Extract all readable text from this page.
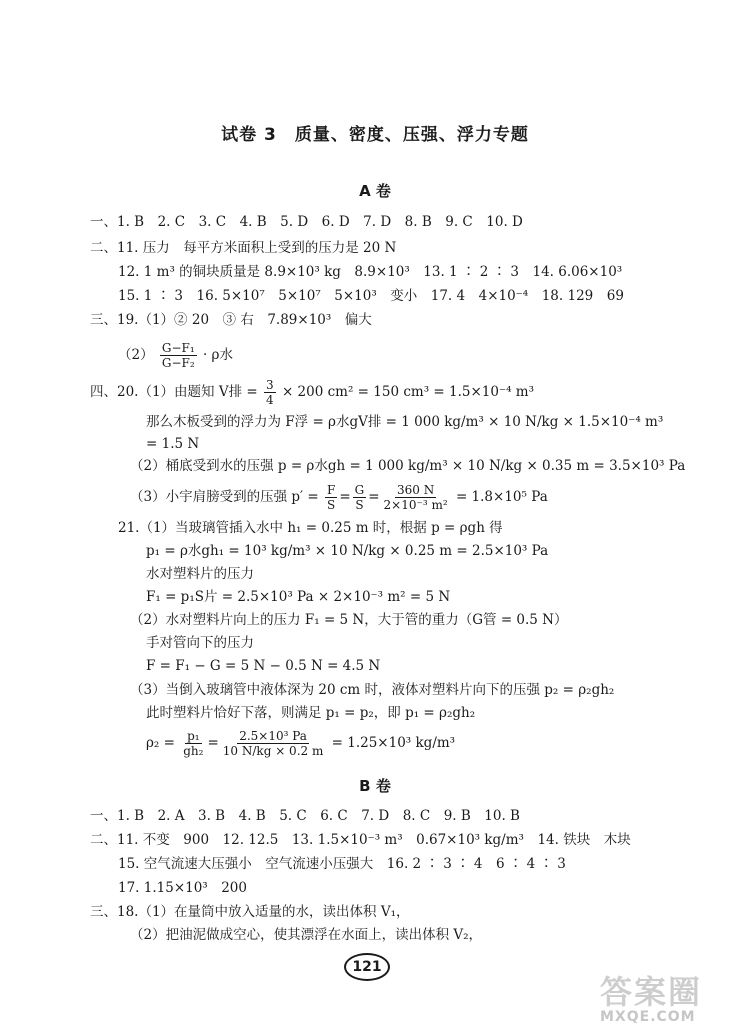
试卷 3　质量、密度、压强、浮力专题
A 卷
一、1. B　2. C　3. C　4. B　5. D　6. D　7. D　8. B　9. C　10. D
二、11. 压力　每平方米面积上受到的压力是 20 N
12. 1 m³ 的铜块质量是 8.9×10³ kg　8.9×10³　13. 1 ∶ 2 ∶ 3　14. 6.06×10³
15. 1 ∶ 3　16. 5×10⁷　5×10⁷　5×10³　变小　17. 4　4×10⁻⁴　18. 129　69
三、19.（1）② 20　③ 右　7.89×10³　偏大
$(2) \frac{\text{G−F₁}}{\text{G−F₂}} \cdot \rho$水
四、20.（1）由题知 V排 = $\frac{3}{4} \times 200$ cm² = 150 cm³ = 1.5×10⁻⁴ m³
那么木板受到的浮力为 F浮 = ρ水gV排 = 1 000 kg/m³ × 10 N/kg × 1.5×10⁻⁴ m³
= 1.5 N
（2）桶底受到水的压强 p = ρ水gh = 1 000 kg/m³ × 10 N/kg × 0.35 m = 3.5×10³ Pa
（3）小宇肩膀受到的压强 $p' = \frac{F}{S} = \frac{G}{S} = \frac{360 N}{\text{2×10⁻³ m²}} = 1.8\times 10^5$ Pa
21.（1）当玻璃管插入水中 h₁ = 0.25 m 时，根据 p = ρgh 得
p₁ = ρ水gh₁ = 10³ kg/m³ × 10 N/kg × 0.25 m = 2.5×10³ Pa
水对塑料片的压力
F₁ = p₁S片 = 2.5×10³ Pa × 2×10⁻³ m² = 5 N
（2）水对塑料片向上的压力 F₁ = 5 N，大于管的重力（G管 = 0.5 N）
手对管向下的压力
F = F₁ − G = 5 N − 0.5 N = 4.5 N
（3）当倒入玻璃管中液体深为 20 cm 时，液体对塑料片向下的压强 p₂ = ρ₂gh₂
此时塑料片恰好下落，则满足 p₁ = p₂，即 p₁ = ρ₂gh₂
$\rho_2 = \frac{\text{p₁}}{\text{gh₂}} = \frac{\text{2.5×10³ Pa}}{10 N/kg \times 0.2 m} = 1.25\times 10^3$ kg/m³
B 卷
一、1. B　2. A　3. B　4. B　5. C　6. C　7. D　8. C　9. B　10. B
二、11. 不变　900　12. 12.5　13. 1.5×10⁻³ m³　0.67×10³ kg/m³　14. 铁块　木块
15. 空气流速大压强小　空气流速小压强大　16. 2 ∶ 3 ∶ 4　6 ∶ 4 ∶ 3
17. 1.15×10³　200
三、18.（1）在量筒中放入适量的水，读出体积 V₁，
（2）把油泥做成空心，使其漂浮在水面上，读出体积 V₂，
121
答案圈
MXQE.COM
